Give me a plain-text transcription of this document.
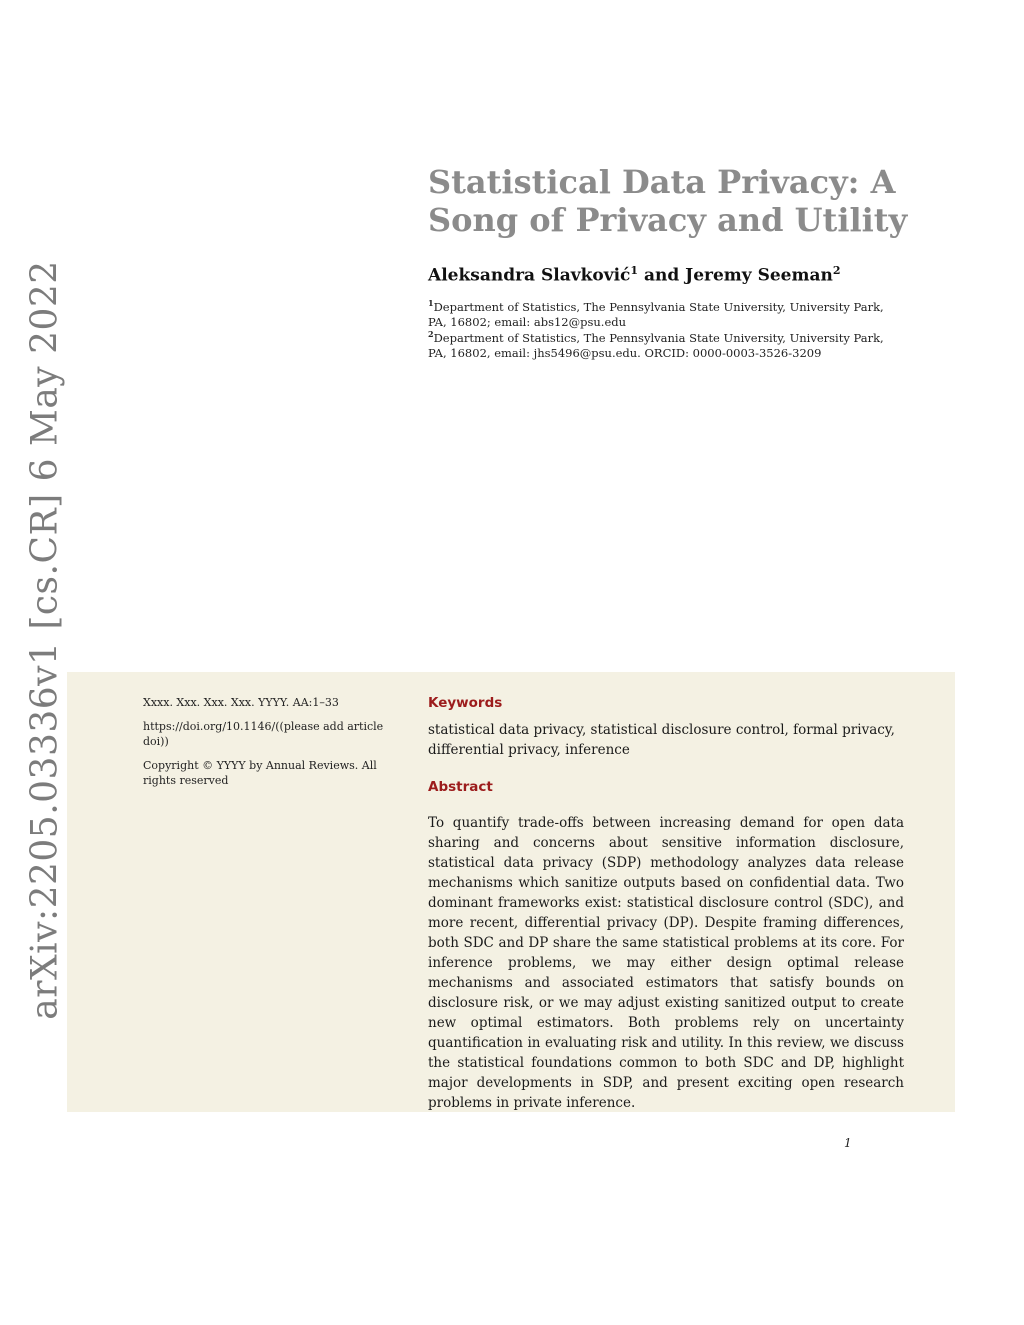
arXiv:2205.03336v1 [cs.CR] 6 May 2022
Statistical Data Privacy: A
Song of Privacy and Utility
Aleksandra Slavković$^1$ and Jeremy Seeman$^2$
$^1$Department of Statistics, The Pennsylvania State University, University Park, PA, 16802; email: abs12@psu.edu
$^2$Department of Statistics, The Pennsylvania State University, University Park, PA, 16802, email: jhs5496@psu.edu. ORCID: 0000-0003-3526-3209

Xxxx. Xxx. Xxx. Xxx. YYYY. AA:1–33

https://doi.org/10.1146/((please add article doi))

Copyright © YYYY by Annual Reviews. All rights reserved

Keywords

statistical data privacy, statistical disclosure control, formal privacy, differential privacy, inference

Abstract

To quantify trade-offs between increasing demand for open data sharing and concerns about sensitive information disclosure, statistical data privacy (SDP) methodology analyzes data release mechanisms which sanitize outputs based on confidential data. Two dominant frameworks exist: statistical disclosure control (SDC), and more recent, differential privacy (DP). Despite framing differences, both SDC and DP share the same statistical problems at its core. For inference problems, we may either design optimal release mechanisms and associated estimators that satisfy bounds on disclosure risk, or we may adjust existing sanitized output to create new optimal estimators. Both problems rely on uncertainty quantification in evaluating risk and utility. In this review, we discuss the statistical foundations common to both SDC and DP, highlight major developments in SDP, and present exciting open research problems in private inference.

1
